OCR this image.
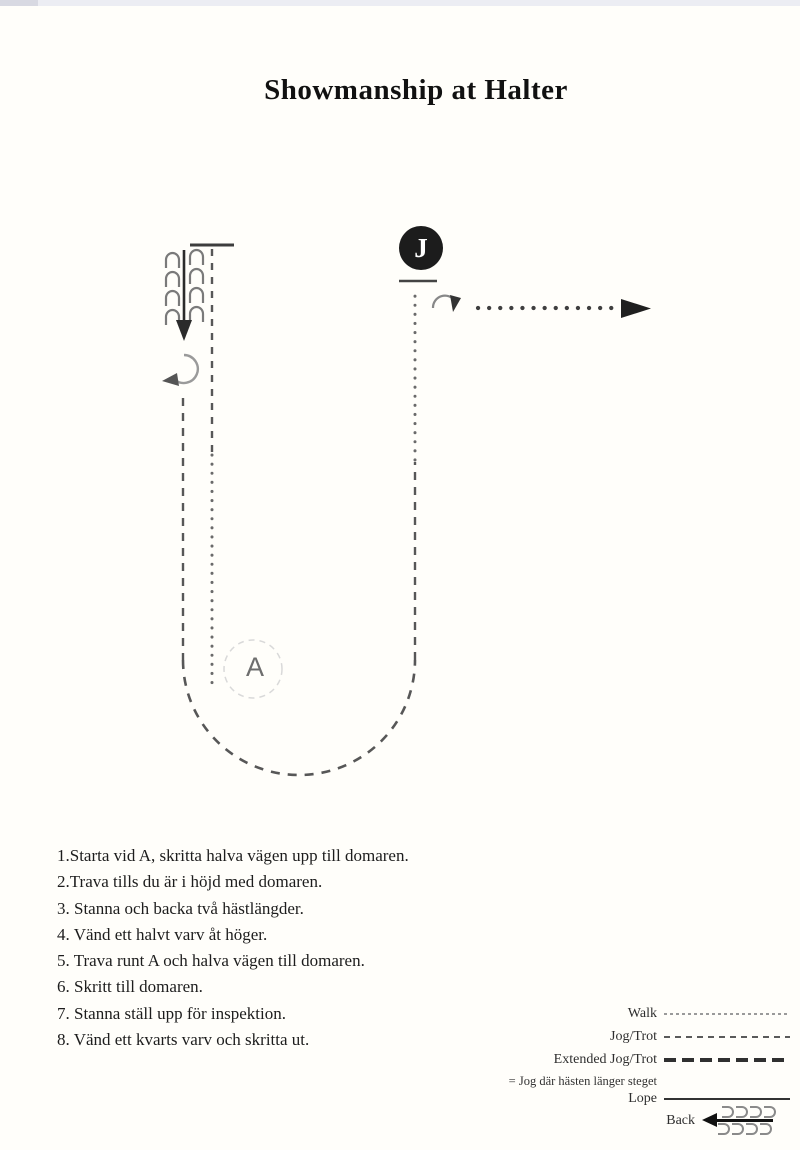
Showmanship at Halter
J
A
1.Starta vid A, skritta halva vägen upp till domaren.
2.Trava tills du är i höjd med domaren.
3. Stanna och backa två hästlängder.
4. Vänd ett halvt varv åt höger.
5. Trava runt A och halva vägen till domaren.
6. Skritt till domaren.
7. Stanna ställ upp för inspektion.
8. Vänd ett kvarts varv och skritta ut.
Walk
Jog/Trot
Extended Jog/Trot
= Jog där hästen länger steget
Lope
Back
